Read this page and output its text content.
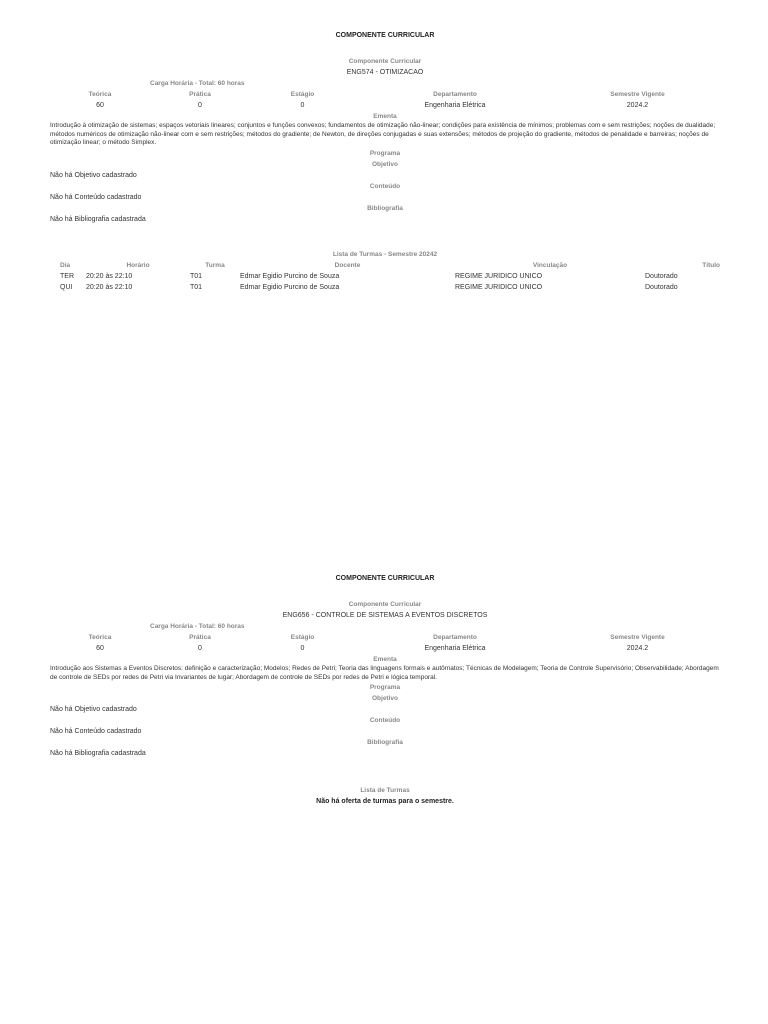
COMPONENTE CURRICULAR
Componente Curricular
ENG574 - OTIMIZACAO
Carga Horária - Total: 60 horas
Teórica	Prática	Estágio	Departamento	Semestre Vigente
60	0	0	Engenharia Elétrica	2024.2
Ementa
Introdução à otimização de sistemas; espaços vetoriais lineares; conjuntos e funções convexos; fundamentos de otimização não-linear; condições para existência de mínimos; problemas com e sem restrições; noções de dualidade; métodos numéricos de otimização não-linear com e sem restrições; métodos do gradiente; de Newton, de direções conjugadas e suas extensões; métodos de projeção do gradiente, métodos de penalidade e barreiras; noções de otimização linear; o método Simplex.
Programa
Objetivo
Não há Objetivo cadastrado
Conteúdo
Não há Conteúdo cadastrado
Bibliografia
Não há Bibliografia cadastrada
Lista de Turmas - Semestre 20242
Dia	Horário	Turma	Docente	Vinculação	Título
TER	20:20 às 22:10	T01	Edmar Egidio Purcino de Souza	REGIME JURIDICO UNICO	Doutorado
QUI	20:20 às 22:10	T01	Edmar Egidio Purcino de Souza	REGIME JURIDICO UNICO	Doutorado
COMPONENTE CURRICULAR
Componente Curricular
ENG656 - CONTROLE DE SISTEMAS A EVENTOS DISCRETOS
Carga Horária - Total: 60 horas
Teórica	Prática	Estágio	Departamento	Semestre Vigente
60	0	0	Engenharia Elétrica	2024.2
Ementa
Introdução aos Sistemas a Eventos Discretos: definição e caracterização; Modelos; Redes de Petri; Teoria das linguagens formais e autômatos; Técnicas de Modelagem; Teoria de Controle Supervisório; Observabilidade; Abordagem de controle de SEDs por redes de Petri via Invariantes de lugar; Abordagem de controle de SEDs por redes de Petri e lógica temporal.
Programa
Objetivo
Não há Objetivo cadastrado
Conteúdo
Não há Conteúdo cadastrado
Bibliografia
Não há Bibliografia cadastrada
Lista de Turmas
Não há oferta de turmas para o semestre.
